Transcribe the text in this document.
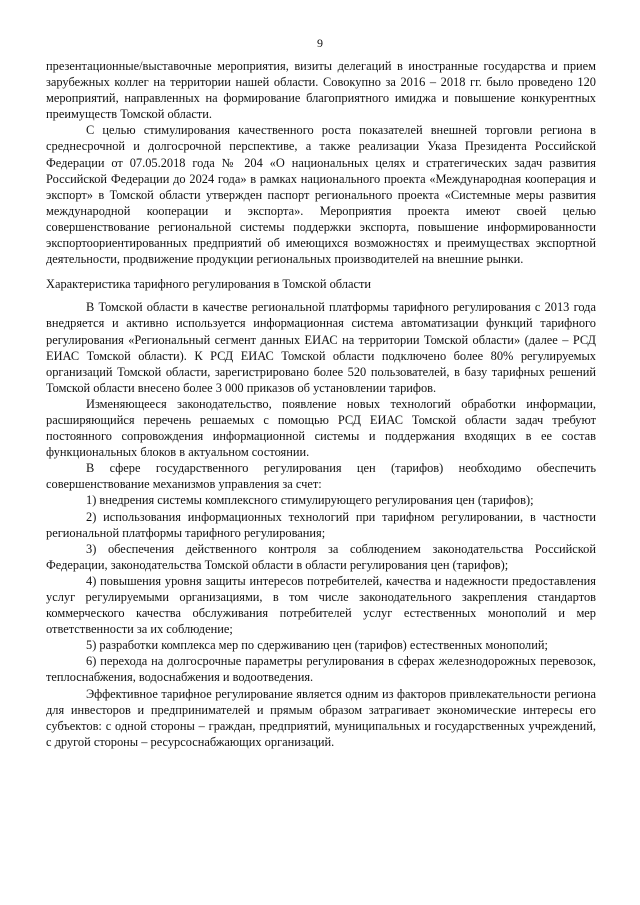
9

презентационные/выставочные мероприятия, визиты делегаций в иностранные государства и прием зарубежных коллег на территории нашей области. Совокупно за 2016 – 2018 гг. было проведено 120 мероприятий, направленных на формирование благоприятного имиджа и повышение конкурентных преимуществ Томской области.

С целью стимулирования качественного роста показателей внешней торговли региона в среднесрочной и долгосрочной перспективе, а также реализации Указа Президента Российской Федерации от 07.05.2018 года № 204 «О национальных целях и стратегических задач развития Российской Федерации до 2024 года» в рамках национального проекта «Международная кооперация и экспорт» в Томской области утвержден паспорт регионального проекта «Системные меры развития международной кооперации и экспорта». Мероприятия проекта имеют своей целью совершенствование региональной системы поддержки экспорта, повышение информированности экспортоориентированных предприятий об имеющихся возможностях и преимуществах экспортной деятельности, продвижение продукции региональных производителей на внешние рынки.

Характеристика тарифного регулирования в Томской области

В Томской области в качестве региональной платформы тарифного регулирования с 2013 года внедряется и активно используется информационная система автоматизации функций тарифного регулирования «Региональный сегмент данных ЕИАС на территории Томской области» (далее – РСД ЕИАС Томской области). К РСД ЕИАС Томской области подключено более 80% регулируемых организаций Томской области, зарегистрировано более 520 пользователей, в базу тарифных решений Томской области внесено более 3 000 приказов об установлении тарифов.

Изменяющееся законодательство, появление новых технологий обработки информации, расширяющийся перечень решаемых с помощью РСД ЕИАС Томской области задач требуют постоянного сопровождения информационной системы и поддержания входящих в ее состав функциональных блоков в актуальном состоянии.

В сфере государственного регулирования цен (тарифов) необходимо обеспечить совершенствование механизмов управления за счет:

1) внедрения системы комплексного стимулирующего регулирования цен (тарифов);

2) использования информационных технологий при тарифном регулировании, в частности региональной платформы тарифного регулирования;

3) обеспечения действенного контроля за соблюдением законодательства Российской Федерации, законодательства Томской области в области регулирования цен (тарифов);

4) повышения уровня защиты интересов потребителей, качества и надежности предоставления услуг регулируемыми организациями, в том числе законодательного закрепления стандартов коммерческого качества обслуживания потребителей услуг естественных монополий и мер ответственности за их соблюдение;

5) разработки комплекса мер по сдерживанию цен (тарифов) естественных монополий;

6) перехода на долгосрочные параметры регулирования в сферах железнодорожных перевозок, теплоснабжения, водоснабжения и водоотведения.

Эффективное тарифное регулирование является одним из факторов привлекательности региона для инвесторов и предпринимателей и прямым образом затрагивает экономические интересы его субъектов: с одной стороны – граждан, предприятий, муниципальных и государственных учреждений, с другой стороны – ресурсоснабжающих организаций.
